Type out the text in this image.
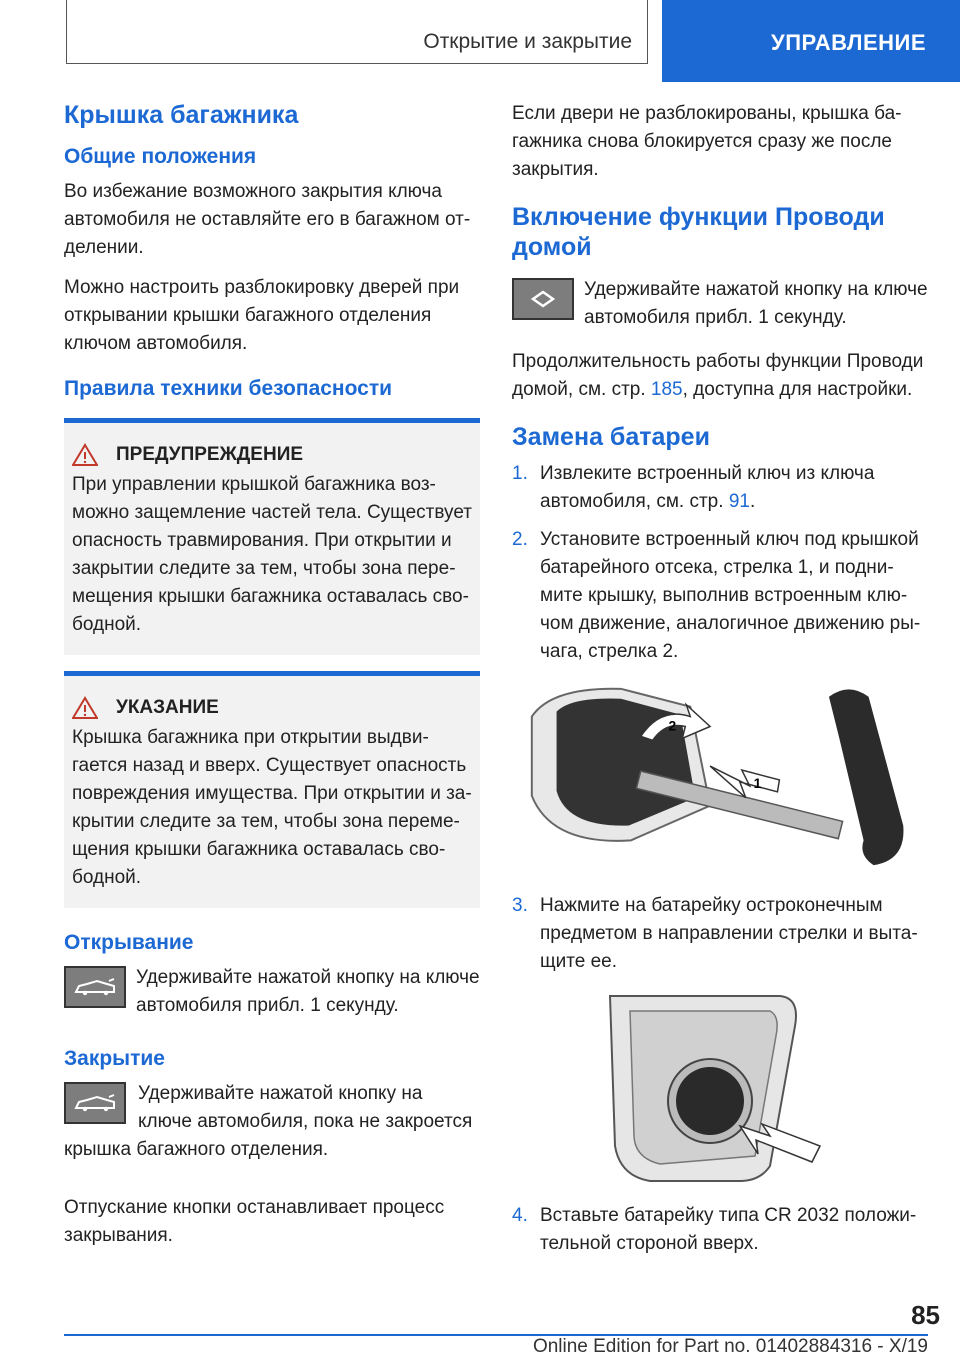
Открытие и закрытие	УПРАВЛЕНИЕ
Крышка багажника
Общие положения

Во избежание возможного закрытия ключа автомобиля не оставляйте его в багажном от-делении.

Можно настроить разблокировку дверей при открывании крышки багажного отделения ключом автомобиля.

Правила техники безопасности
ПРЕДУПРЕЖДЕНИЕ

При управлении крышкой багажника воз-можно защемление частей тела. Существует опасность травмирования. При открытии и закрытии следите за тем, чтобы зона пере-мещения крышки багажника оставалась сво-бодной.

УКАЗАНИЕ

Крышка багажника при открытии выдви-гается назад и вверх. Существует опасность повреждения имущества. При открытии и за-крытии следите за тем, чтобы зона переме-щения крышки багажника оставалась сво-бодной.

Открывание

Удерживайте нажатой кнопку на ключе автомобиля прибл. 1 секунду.

Закрытие

Удерживайте нажатой кнопку на ключе автомобиля, пока не закроется крышка багажного отделения.

Отпускание кнопки останавливает процесс закрывания.

Если двери не разблокированы, крышка ба-гажника снова блокируется сразу же после закрытия.

Включение функции Проводи домой

Удерживайте нажатой кнопку на ключе автомобиля прибл. 1 секунду.

Продолжительность работы функции Проводи домой, см. стр. 185, доступна для настройки.

Замена батареи
1. Извлеките встроенный ключ из ключа автомобиля, см. стр. 91.
2. Установите встроенный ключ под крышкой батарейного отсека, стрелка 1, и подни-мите крышку, выполнив встроенным клю-чом движение, аналогичное движению ры-чага, стрелка 2.
1
2
3. Нажмите на батарейку остроконечным предметом в направлении стрелки и выта-щите ее.
4. Вставьте батарейку типа CR 2032 положи-тельной стороной вверх.
85
Online Edition for Part no. 01402884316 - X/19
